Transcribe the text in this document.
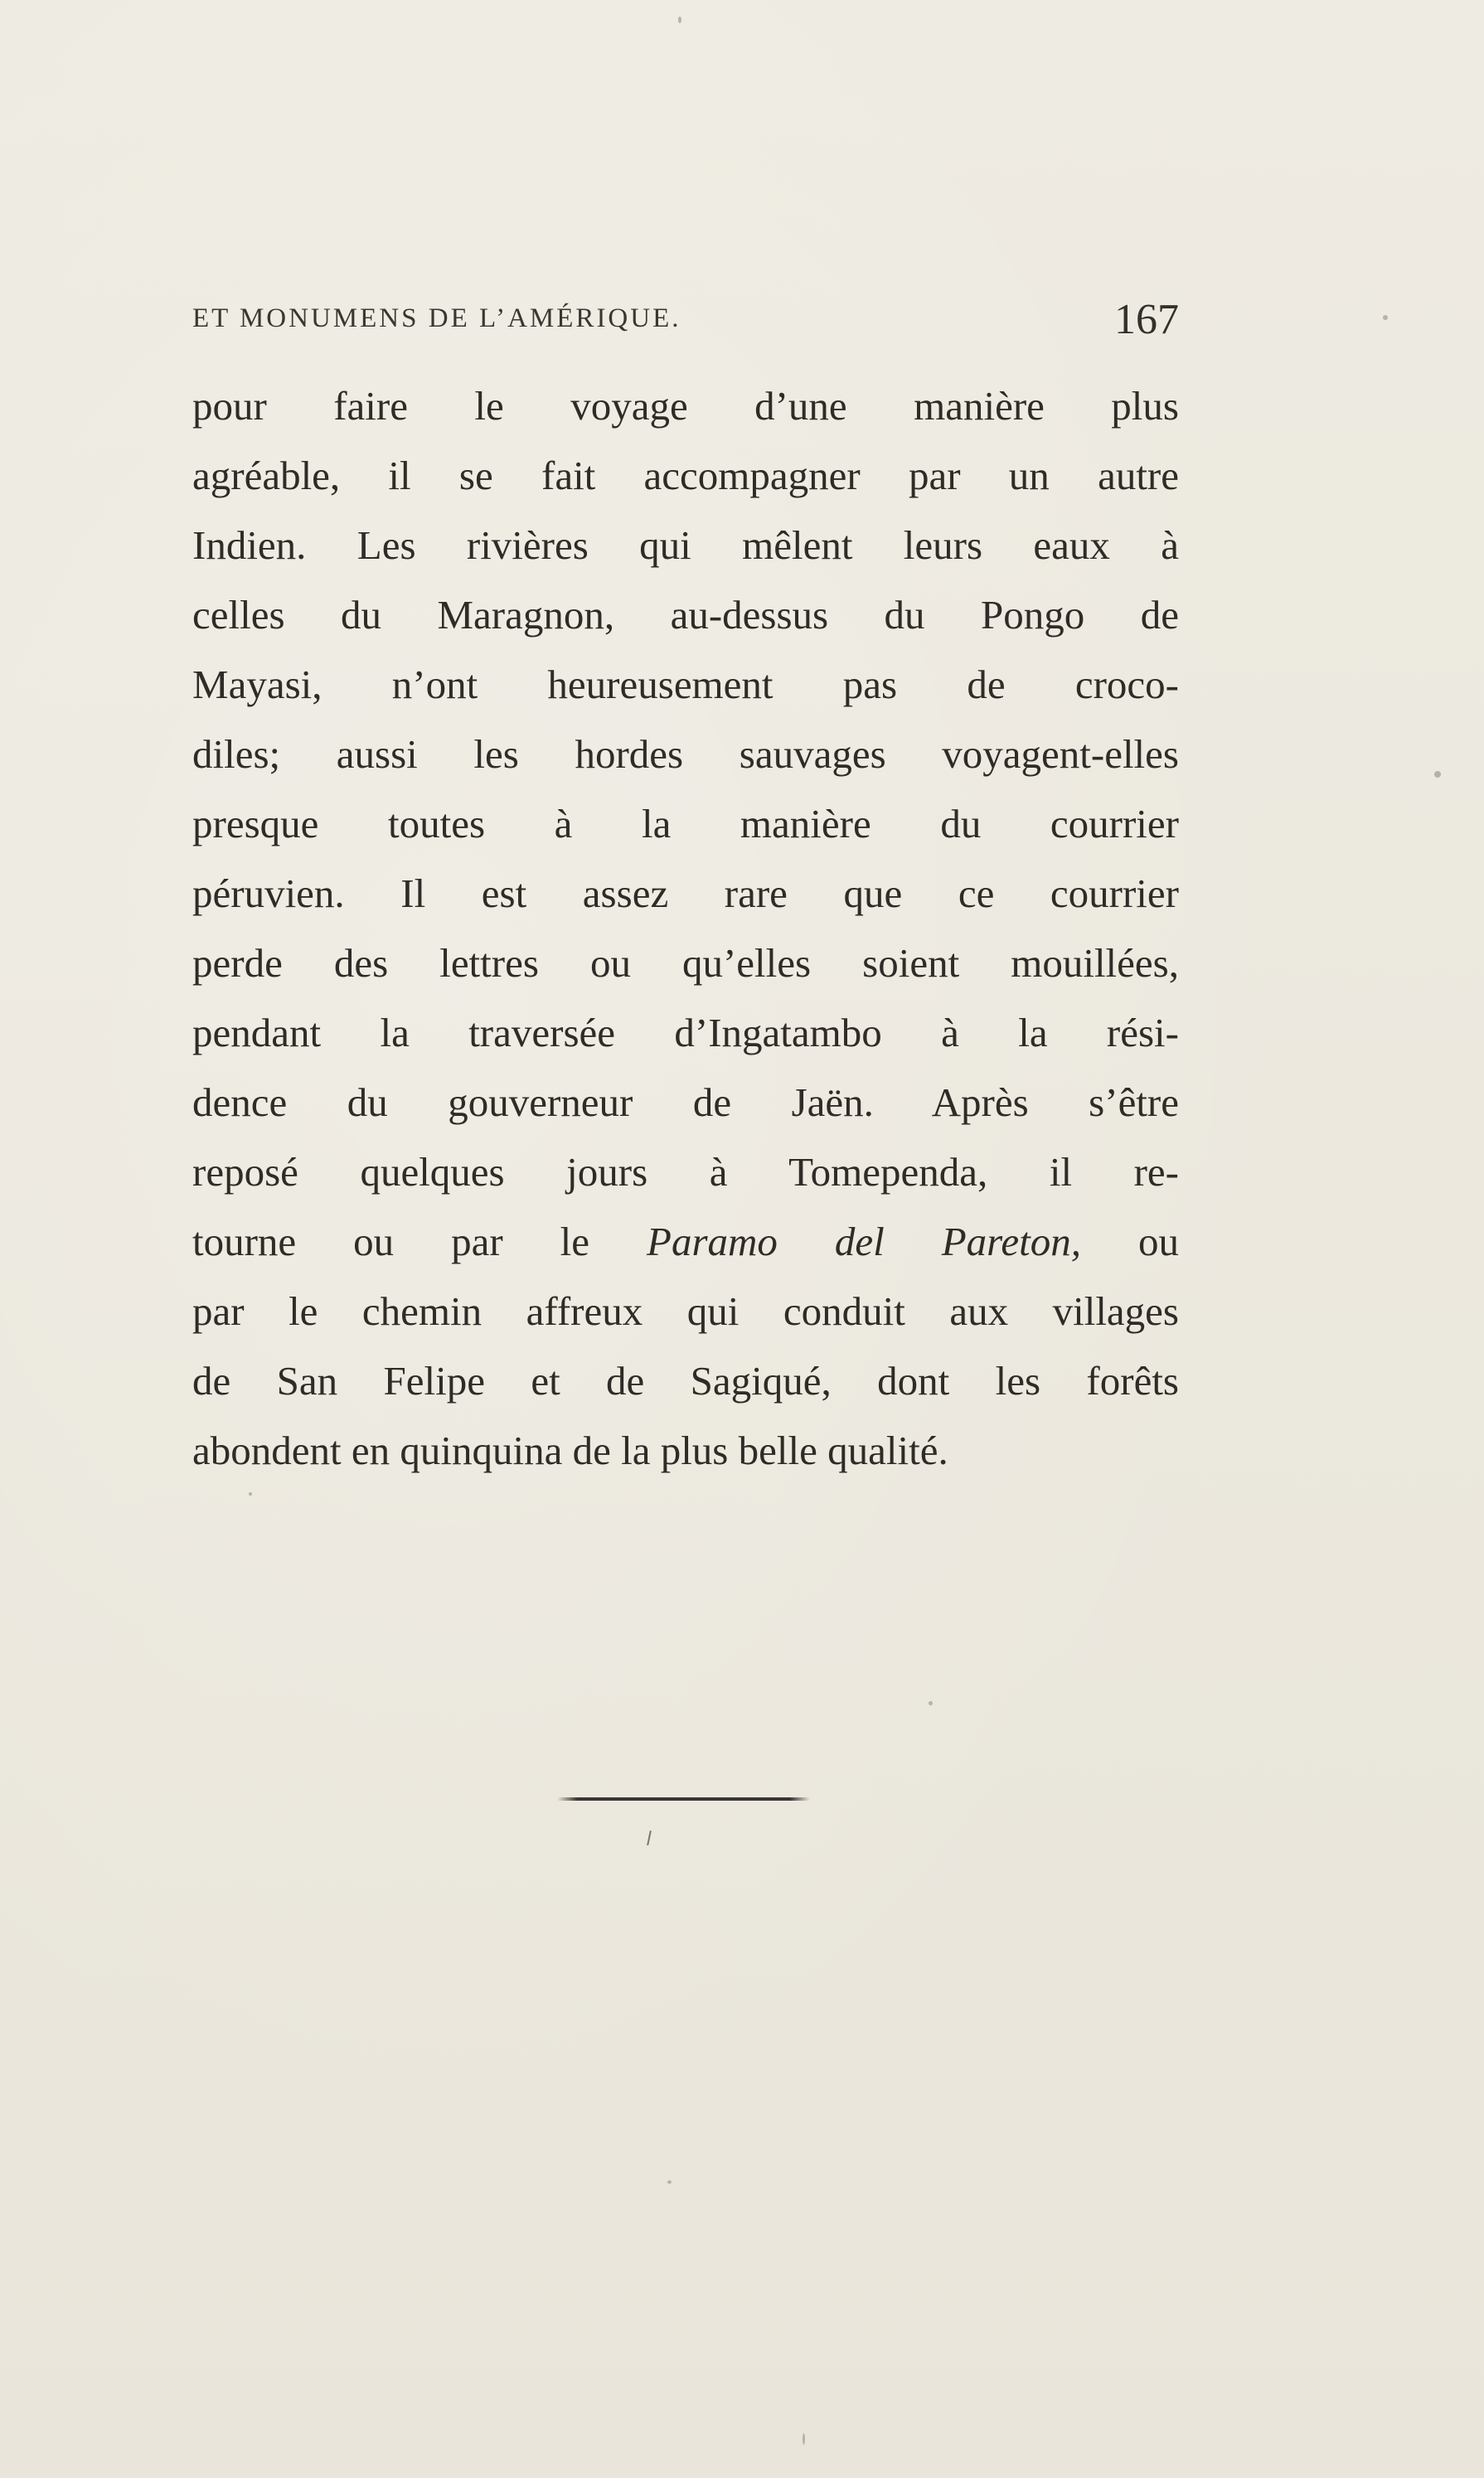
ET MONUMENS DE L’AMÉRIQUE.	167
pour faire le voyage d’une manière plus
agréable, il se fait accompagner par un autre
Indien. Les rivières qui mêlent leurs eaux à
celles du Maragnon, au-dessus du Pongo de
Mayasi, n’ont heureusement pas de croco-
diles; aussi les hordes sauvages voyagent-elles
presque toutes à la manière du courrier
péruvien. Il est assez rare que ce courrier
perde des lettres ou qu’elles soient mouillées,
pendant la traversée d’Ingatambo à la rési-
dence du gouverneur de Jaën. Après s’être
reposé quelques jours à Tomependa, il re-
tourne ou par le Paramo del Pareton, ou
par le chemin affreux qui conduit aux villages
de San Felipe et de Sagiqué, dont les forêts
abondent en quinquina de la plus belle qualité.
